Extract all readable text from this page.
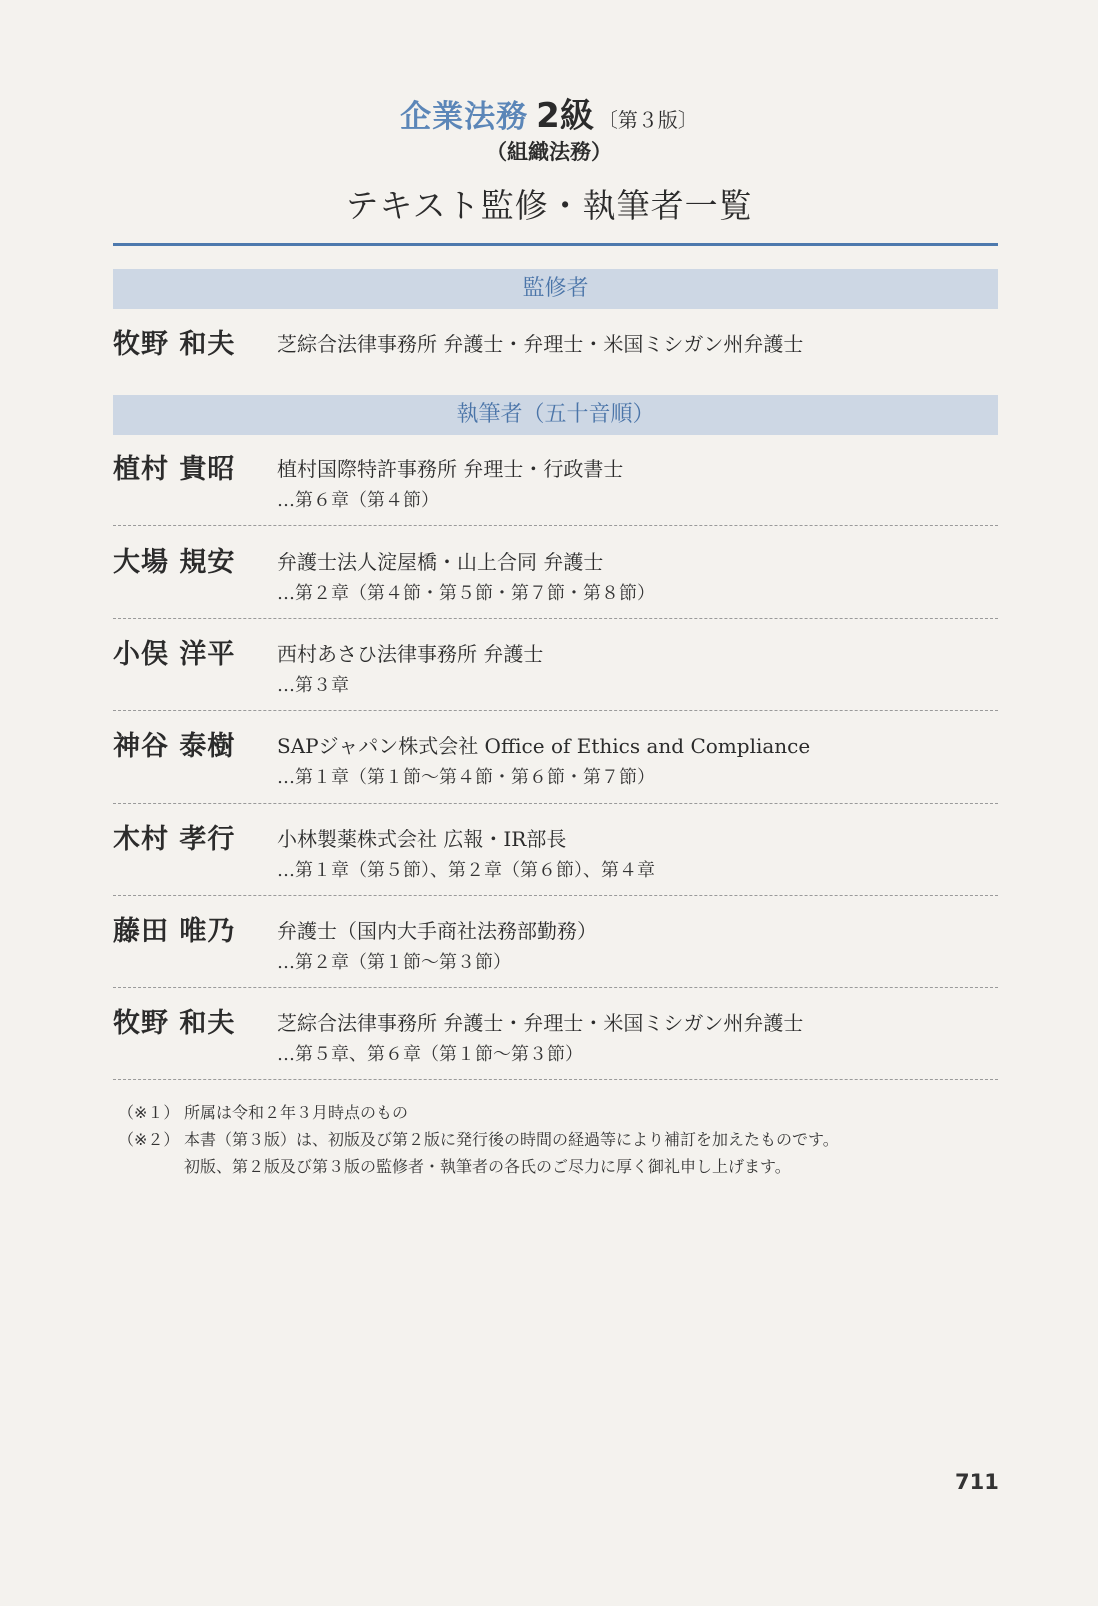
企業法務 2級 〔第３版〕
（組織法務）
テキスト監修・執筆者一覧
監修者
牧野 和夫	芝綜合法律事務所 弁護士・弁理士・米国ミシガン州弁護士
執筆者（五十音順）
植村 貴昭	植村国際特許事務所 弁理士・行政書士
…第６章（第４節）
大場 規安	弁護士法人淀屋橋・山上合同 弁護士
…第２章（第４節・第５節・第７節・第８節）
小俣 洋平	西村あさひ法律事務所 弁護士
…第３章
神谷 泰樹	SAPジャパン株式会社 Office of Ethics and Compliance
…第１章（第１節～第４節・第６節・第７節）
木村 孝行	小林製薬株式会社 広報・IR部長
…第１章（第５節）、第２章（第６節）、第４章
藤田 唯乃	弁護士（国内大手商社法務部勤務）
…第２章（第１節～第３節）
牧野 和夫	芝綜合法律事務所 弁護士・弁理士・米国ミシガン州弁護士
…第５章、第６章（第１節～第３節）
（※１） 所属は令和２年３月時点のもの
（※２） 本書（第３版）は、初版及び第２版に発行後の時間の経過等により補訂を加えたものです。
初版、第２版及び第３版の監修者・執筆者の各氏のご尽力に厚く御礼申し上げます。
711
